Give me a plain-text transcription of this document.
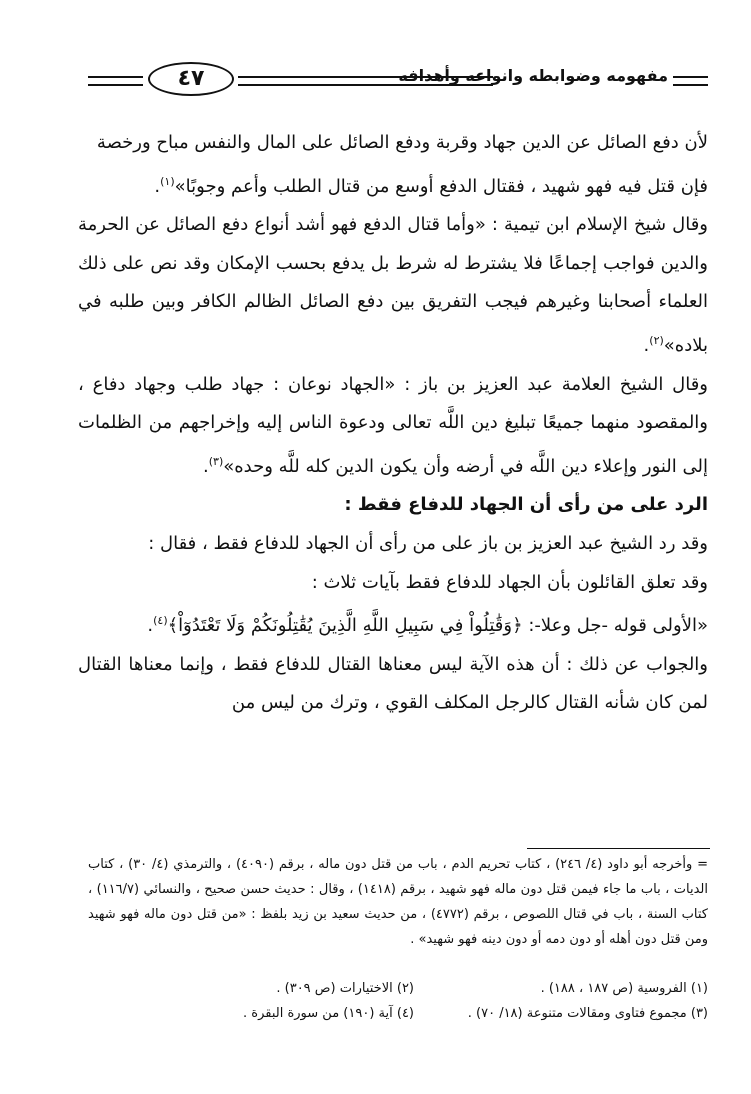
٤٧	مفهومه وضوابطه وانواعه وأهدافه

لأن دفع الصائل عن الدين جهاد وقربة ودفع الصائل على المال والنفس مباح ورخصة

فإن قتل فيه فهو شهيد ، فقتال الدفع أوسع من قتال الطلب وأعم وجوبًا»$^{(١)}$.

وقال شيخ الإسلام ابن تيمية : «وأما قتال الدفع فهو أشد أنواع دفع الصائل عن الحرمة والدين فواجب إجماعًا فلا يشترط له شرط بل يدفع بحسب الإمكان وقد نص على ذلك العلماء أصحابنا وغيرهم فيجب التفريق بين دفع الصائل الظالم الكافر وبين طلبه في بلاده»$^{(٢)}$.

وقال الشيخ العلامة عبد العزيز بن باز : «الجهاد نوعان : جهاد طلب وجهاد دفاع ، والمقصود منهما جميعًا تبليغ دين اللَّه تعالى ودعوة الناس إليه وإخراجهم من الظلمات إلى النور وإعلاء دين اللَّه في أرضه وأن يكون الدين كله للَّه وحده»$^{(٣)}$.

الرد على من رأى أن الجهاد للدفاع فقط :

وقد رد الشيخ عبد العزيز بن باز على من رأى أن الجهاد للدفاع فقط ، فقال :

وقد تعلق القائلون بأن الجهاد للدفاع فقط بآيات ثلاث :

«الأولى قوله -جل وعلا-: ﴿وَقَٰتِلُواْ فِي سَبِيلِ اللَّهِ الَّذِينَ يُقَٰتِلُونَكُمْ وَلَا تَعْتَدُوٓاْ﴾$^{(٤)}$.

والجواب عن ذلك : أن هذه الآية ليس معناها القتال للدفاع فقط ، وإنما معناها القتال لمن كان شأنه القتال كالرجل المكلف القوي ، وترك من ليس من

= وأخرجه أبو داود (٤/ ٢٤٦) ، كتاب تحريم الدم ، باب من قتل دون ماله ، برقم (٤٠٩٠) ، والترمذي (٤/ ٣٠) ، كتاب الديات ، باب ما جاء فيمن قتل دون ماله فهو شهيد ، برقم (١٤١٨) ، وقال : حديث حسن صحيح ، والنسائي (١١٦/٧) ، كتاب السنة ، باب في قتال اللصوص ، برقم (٤٧٧٢) ، من حديث سعيد بن زيد بلفظ : «من قتل دون ماله فهو شهيد ومن قتل دون أهله أو دون دمه أو دون دينه فهو شهيد» .

(١) الفروسية (ص ١٨٧ ، ١٨٨) .
(٢) الاختيارات (ص ٣٠٩) .
(٣) مجموع فتاوى ومقالات متنوعة (١٨/ ٧٠) .
(٤) آية (١٩٠) من سورة البقرة .
